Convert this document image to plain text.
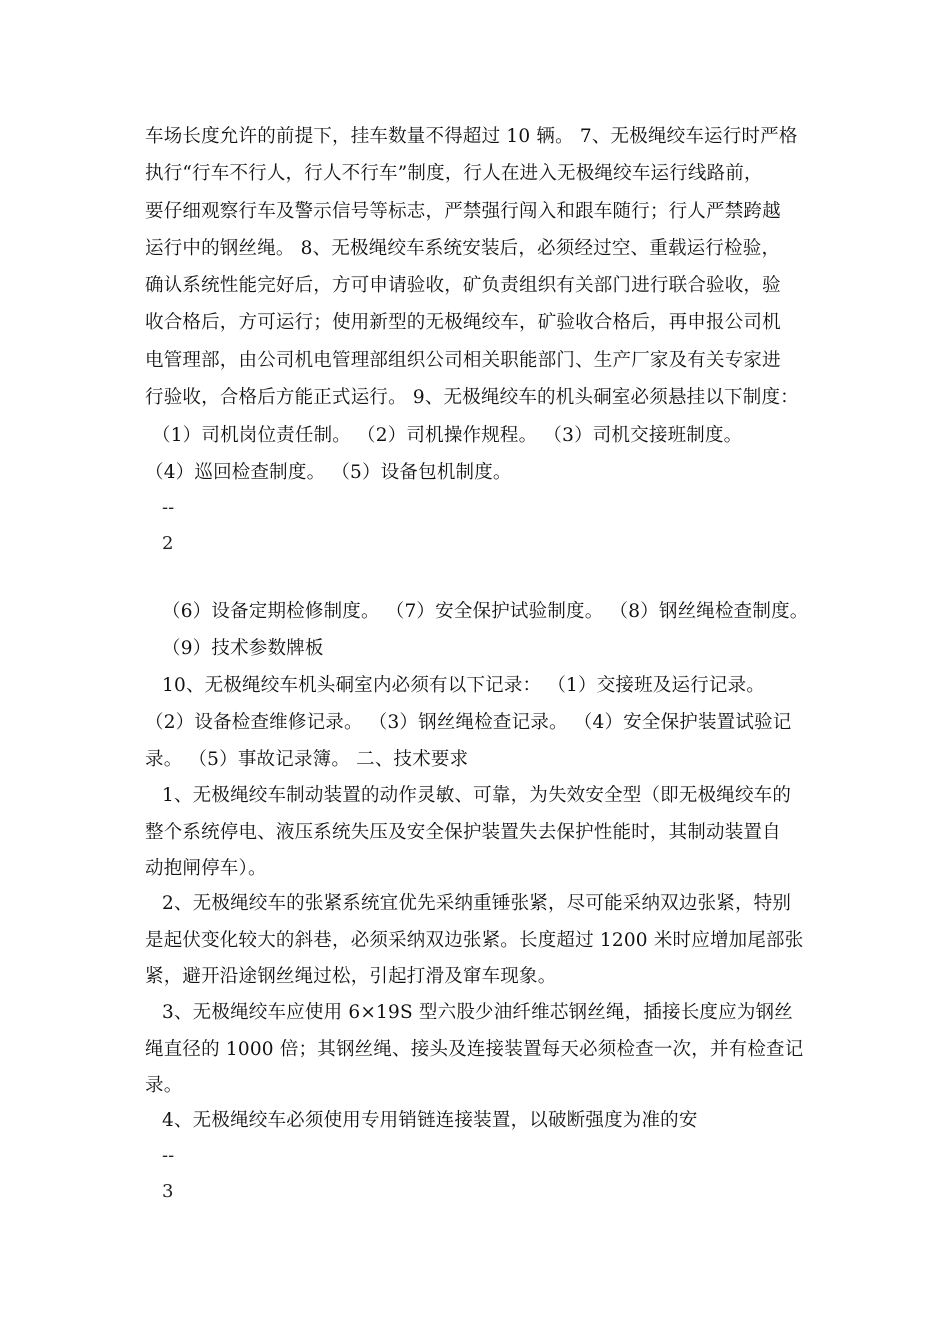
车场长度允许的前提下，挂车数量不得超过 10 辆。 7、无极绳绞车运行时严格
执行“行车不行人，行人不行车”制度，行人在进入无极绳绞车运行线路前，
要仔细观察行车及警示信号等标志，严禁强行闯入和跟车随行；行人严禁跨越
运行中的钢丝绳。 8、无极绳绞车系统安装后，必须经过空、重载运行检验，
确认系统性能完好后，方可申请验收，矿负责组织有关部门进行联合验收，验
收合格后，方可运行；使用新型的无极绳绞车，矿验收合格后，再申报公司机
电管理部，由公司机电管理部组织公司相关职能部门、生产厂家及有关专家进
行验收，合格后方能正式运行。 9、无极绳绞车的机头硐室必须悬挂以下制度：
（1）司机岗位责任制。 （2）司机操作规程。 （3）司机交接班制度。
（4）巡回检查制度。 （5）设备包机制度。
--
2
（6）设备定期检修制度。 （7）安全保护试验制度。 （8）钢丝绳检查制度。
（9）技术参数牌板
10、无极绳绞车机头硐室内必须有以下记录： （1）交接班及运行记录。
（2）设备检查维修记录。 （3）钢丝绳检查记录。 （4）安全保护装置试验记
录。 （5）事故记录簿。 二、技术要求
1、无极绳绞车制动装置的动作灵敏、可靠，为失效安全型（即无极绳绞车的
整个系统停电、液压系统失压及安全保护装置失去保护性能时，其制动装置自
动抱闸停车）。
2、无极绳绞车的张紧系统宜优先采纳重锤张紧，尽可能采纳双边张紧，特别
是起伏变化较大的斜巷，必须采纳双边张紧。长度超过 1200 米时应增加尾部张
紧，避开沿途钢丝绳过松，引起打滑及窜车现象。
3、无极绳绞车应使用 6×19S 型六股少油纤维芯钢丝绳，插接长度应为钢丝
绳直径的 1000 倍；其钢丝绳、接头及连接装置每天必须检查一次，并有检查记
录。
4、无极绳绞车必须使用专用销链连接装置，以破断强度为准的安
--
3
